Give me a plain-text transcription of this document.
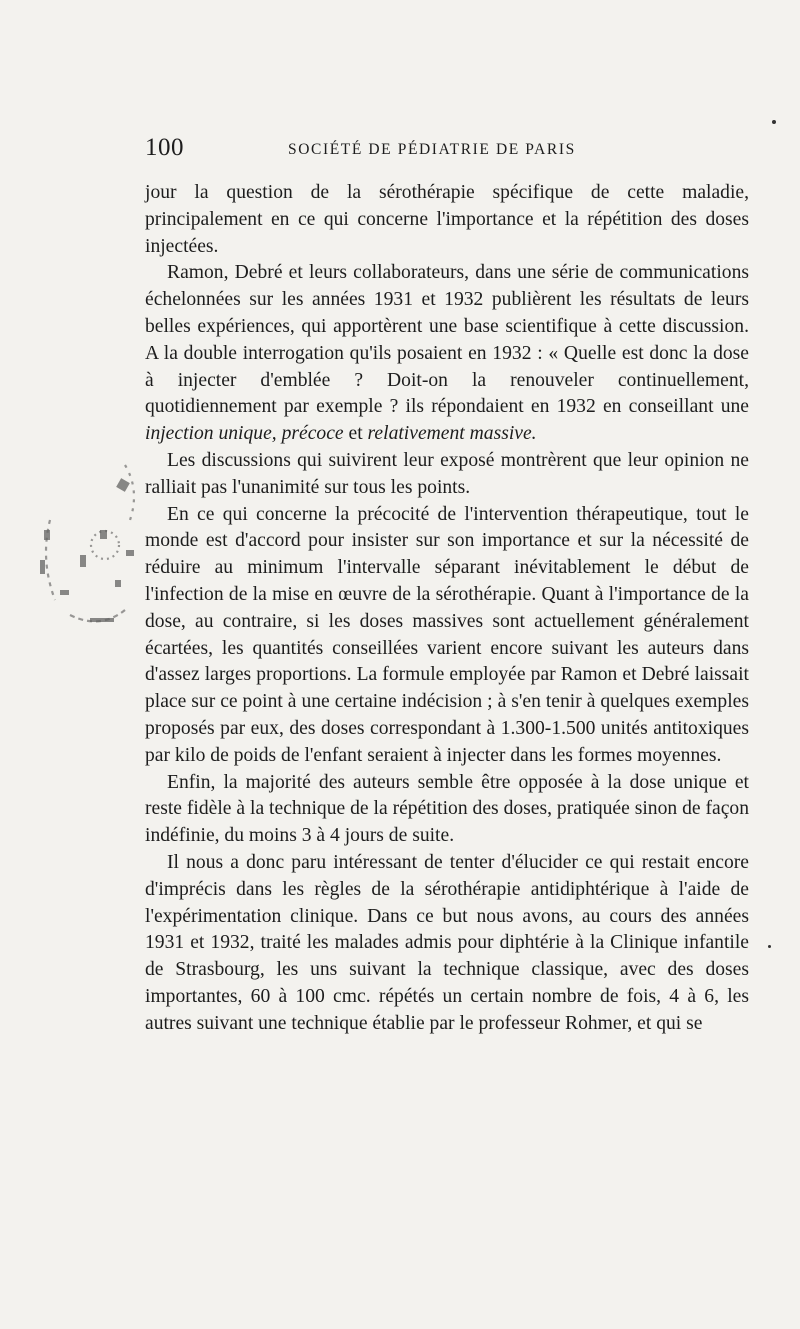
100	SOCIÉTÉ DE PÉDIATRIE DE PARIS

jour la question de la sérothérapie spécifique de cette maladie, principalement en ce qui concerne l'importance et la répétition des doses injectées.

Ramon, Debré et leurs collaborateurs, dans une série de communications échelonnées sur les années 1931 et 1932 publièrent les résultats de leurs belles expériences, qui apportèrent une base scientifique à cette discussion. A la double interrogation qu'ils posaient en 1932 : « Quelle est donc la dose à injecter d'emblée ? Doit-on la renouveler continuellement, quotidiennement par exemple ? ils répondaient en 1932 en conseillant une injection unique, précoce et relativement massive.

Les discussions qui suivirent leur exposé montrèrent que leur opinion ne ralliait pas l'unanimité sur tous les points.

En ce qui concerne la précocité de l'intervention thérapeutique, tout le monde est d'accord pour insister sur son importance et sur la nécessité de réduire au minimum l'intervalle séparant inévitablement le début de l'infection de la mise en œuvre de la sérothérapie. Quant à l'importance de la dose, au contraire, si les doses massives sont actuellement généralement écartées, les quantités conseillées varient encore suivant les auteurs dans d'assez larges proportions. La formule employée par Ramon et Debré laissait place sur ce point à une certaine indécision ; à s'en tenir à quelques exemples proposés par eux, des doses correspondant à 1.300-1.500 unités antitoxiques par kilo de poids de l'enfant seraient à injecter dans les formes moyennes.

Enfin, la majorité des auteurs semble être opposée à la dose unique et reste fidèle à la technique de la répétition des doses, pratiquée sinon de façon indéfinie, du moins 3 à 4 jours de suite.

Il nous a donc paru intéressant de tenter d'élucider ce qui restait encore d'imprécis dans les règles de la sérothérapie antidiphtérique à l'aide de l'expérimentation clinique. Dans ce but nous avons, au cours des années 1931 et 1932, traité les malades admis pour diphtérie à la Clinique infantile de Strasbourg, les uns suivant la technique classique, avec des doses importantes, 60 à 100 cmc. répétés un certain nombre de fois, 4 à 6, les autres suivant une technique établie par le professeur Rohmer, et qui se
